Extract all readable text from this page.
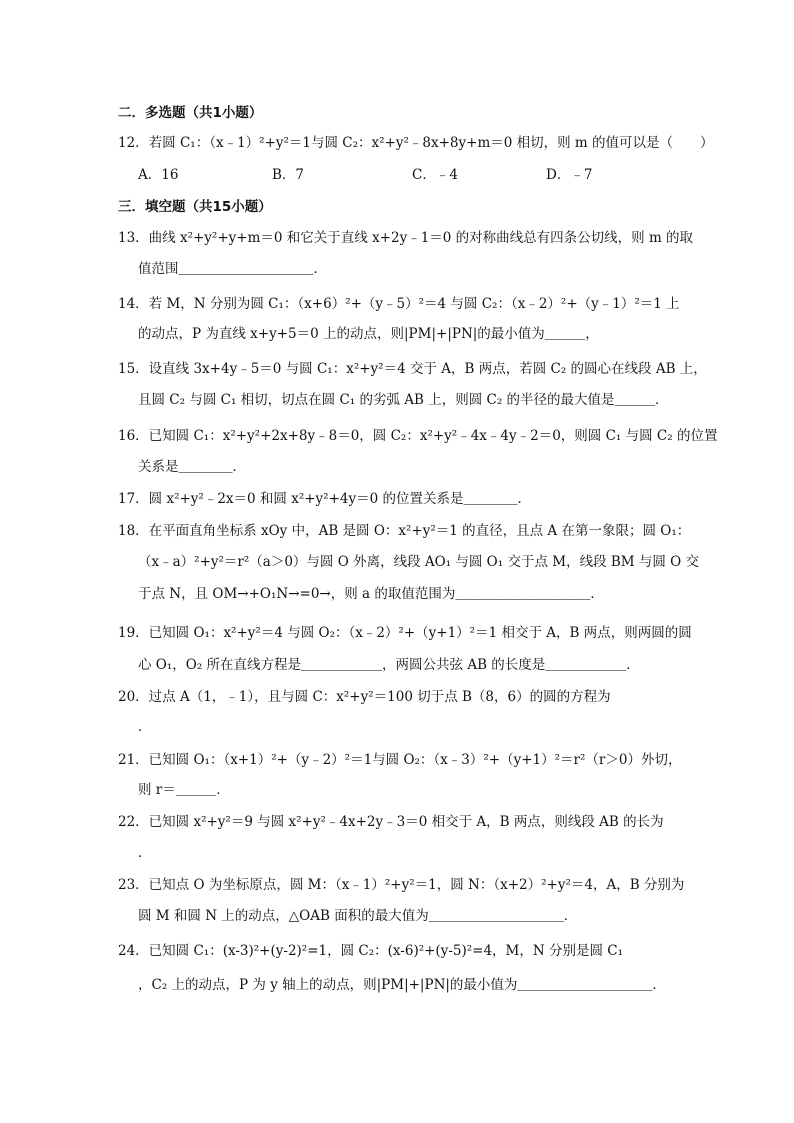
二．多选题（共1小题）
12．若圆 C₁：（x﹣1）²+y²＝1与圆 C₂：x²+y²﹣8x+8y+m＝0 相切，则 m 的值可以是（　　）
A．16	B．7	C．﹣4	D．﹣7
三．填空题（共15小题）
13．曲线 x²+y²+y+m＝0 和它关于直线 x+2y﹣1＝0 的对称曲线总有四条公切线，则 m 的取
值范围＿＿＿＿＿＿＿＿＿＿．
14．若 M，N 分别为圆 C₁：（x+6）²+（y﹣5）²＝4 与圆 C₂：（x﹣2）²+（y﹣1）²＝1 上
的动点，P 为直线 x+y+5＝0 上的动点，则|PM|+|PN|的最小值为＿＿＿，
15．设直线 3x+4y﹣5＝0 与圆 C₁：x²+y²＝4 交于 A，B 两点，若圆 C₂ 的圆心在线段 AB 上，
且圆 C₂ 与圆 C₁ 相切，切点在圆 C₁ 的劣弧 AB 上，则圆 C₂ 的半径的最大值是＿＿＿．
16．已知圆 C₁：x²+y²+2x+8y﹣8＝0，圆 C₂：x²+y²﹣4x﹣4y﹣2＝0，则圆 C₁ 与圆 C₂ 的位置
关系是＿＿＿＿．
17．圆 x²+y²﹣2x＝0 和圆 x²+y²+4y＝0 的位置关系是＿＿＿＿．
18．在平面直角坐标系 xOy 中，AB 是圆 O：x²+y²＝1 的直径，且点 A 在第一象限；圆 O₁：
（x﹣a）²+y²＝r²（a＞0）与圆 O 外离，线段 AO₁ 与圆 O₁ 交于点 M，线段 BM 与圆 O 交
于点 N，且 OM→+O₁N→=0→，则 a 的取值范围为＿＿＿＿＿＿＿＿＿＿．
19．已知圆 O₁：x²+y²＝4 与圆 O₂：（x﹣2）²+（y+1）²＝1 相交于 A，B 两点，则两圆的圆
心 O₁，O₂ 所在直线方程是＿＿＿＿＿＿，两圆公共弦 AB 的长度是＿＿＿＿＿＿．
20．过点 A（1，﹣1），且与圆 C：x²+y²＝100 切于点 B（8，6）的圆的方程为
．
21．已知圆 O₁：（x+1）²+（y﹣2）²＝1与圆 O₂：（x﹣3）²+（y+1）²＝r²（r＞0）外切，
则 r＝＿＿＿．
22．已知圆 x²+y²＝9 与圆 x²+y²﹣4x+2y﹣3＝0 相交于 A，B 两点，则线段 AB 的长为
．
23．已知点 O 为坐标原点，圆 M：（x﹣1）²+y²＝1，圆 N：（x+2）²+y²＝4，A，B 分别为
圆 M 和圆 N 上的动点，△OAB 面积的最大值为＿＿＿＿＿＿＿＿＿＿．
24．已知圆 C₁：(x-3)²+(y-2)²=1，圆 C₂：(x-6)²+(y-5)²=4，M，N 分别是圆 C₁
，C₂ 上的动点，P 为 y 轴上的动点，则|PM|+|PN|的最小值为＿＿＿＿＿＿＿＿＿＿．
